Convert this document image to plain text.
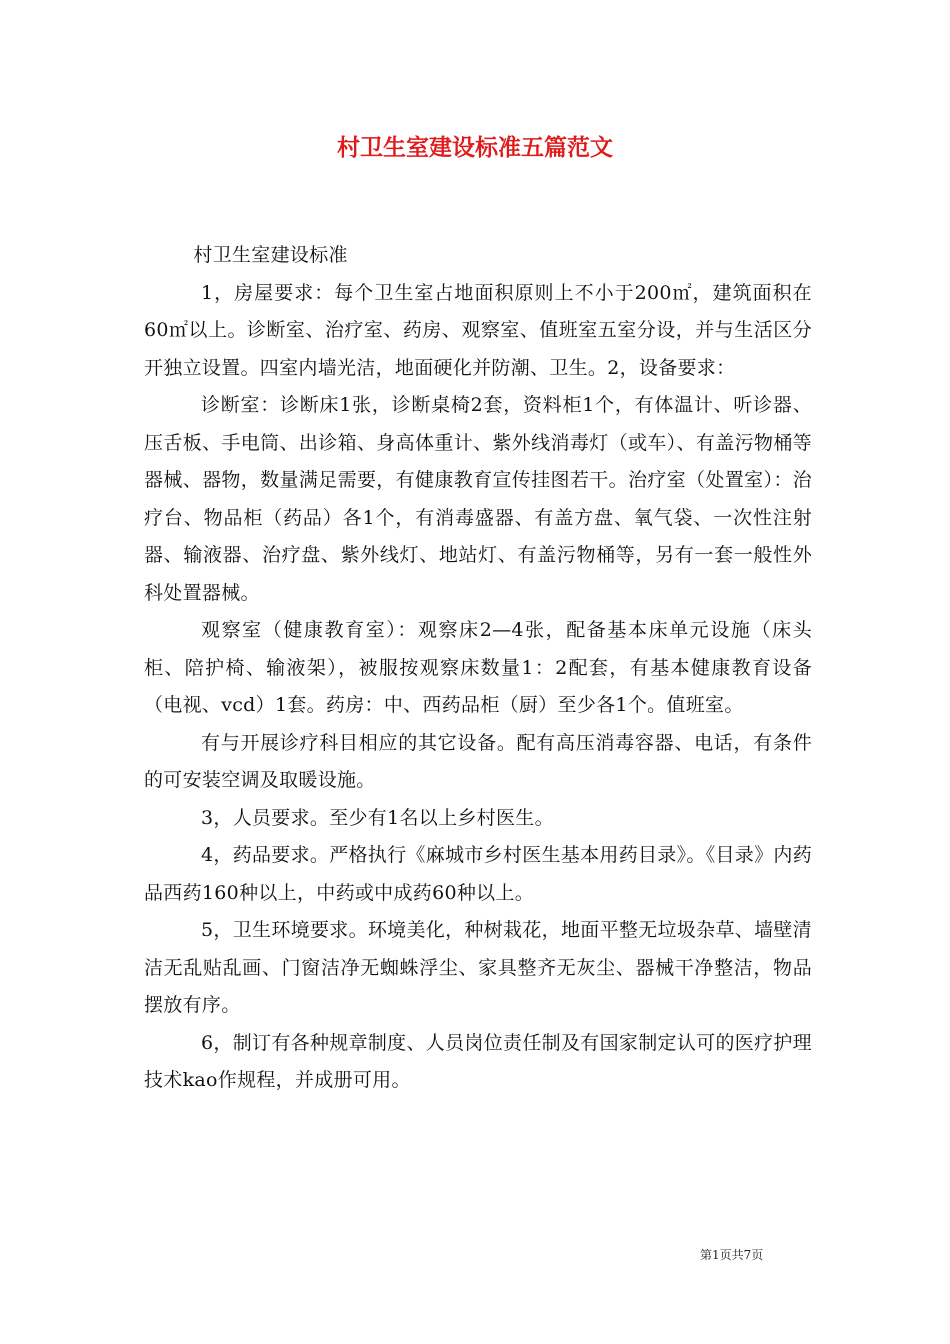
村卫生室建设标准五篇范文

村卫生室建设标准

1，房屋要求：每个卫生室占地面积原则上不小于200㎡，建筑面积在60㎡以上。诊断室、治疗室、药房、观察室、值班室五室分设，并与生活区分开独立设置。四室内墙光洁，地面硬化并防潮、卫生。2，设备要求：

诊断室：诊断床1张，诊断桌椅2套，资料柜1个，有体温计、听诊器、压舌板、手电筒、出诊箱、身高体重计、紫外线消毒灯（或车）、有盖污物桶等器械、器物，数量满足需要，有健康教育宣传挂图若干。治疗室（处置室）：治疗台、物品柜（药品）各1个，有消毒盛器、有盖方盘、氧气袋、一次性注射器、输液器、治疗盘、紫外线灯、地站灯、有盖污物桶等，另有一套一般性外科处置器械。

观察室（健康教育室）：观察床2—4张，配备基本床单元设施（床头柜、陪护椅、输液架），被服按观察床数量1：2配套，有基本健康教育设备（电视、vcd）1套。药房：中、西药品柜（厨）至少各1个。值班室。

有与开展诊疗科目相应的其它设备。配有高压消毒容器、电话，有条件的可安装空调及取暖设施。

3，人员要求。至少有1名以上乡村医生。

4，药品要求。严格执行《麻城市乡村医生基本用药目录》。《目录》内药品西药160种以上，中药或中成药60种以上。

5，卫生环境要求。环境美化，种树栽花，地面平整无垃圾杂草、墙壁清洁无乱贴乱画、门窗洁净无蜘蛛浮尘、家具整齐无灰尘、器械干净整洁，物品摆放有序。

6，制订有各种规章制度、人员岗位责任制及有国家制定认可的医疗护理技术kao作规程，并成册可用。

第1页共7页
